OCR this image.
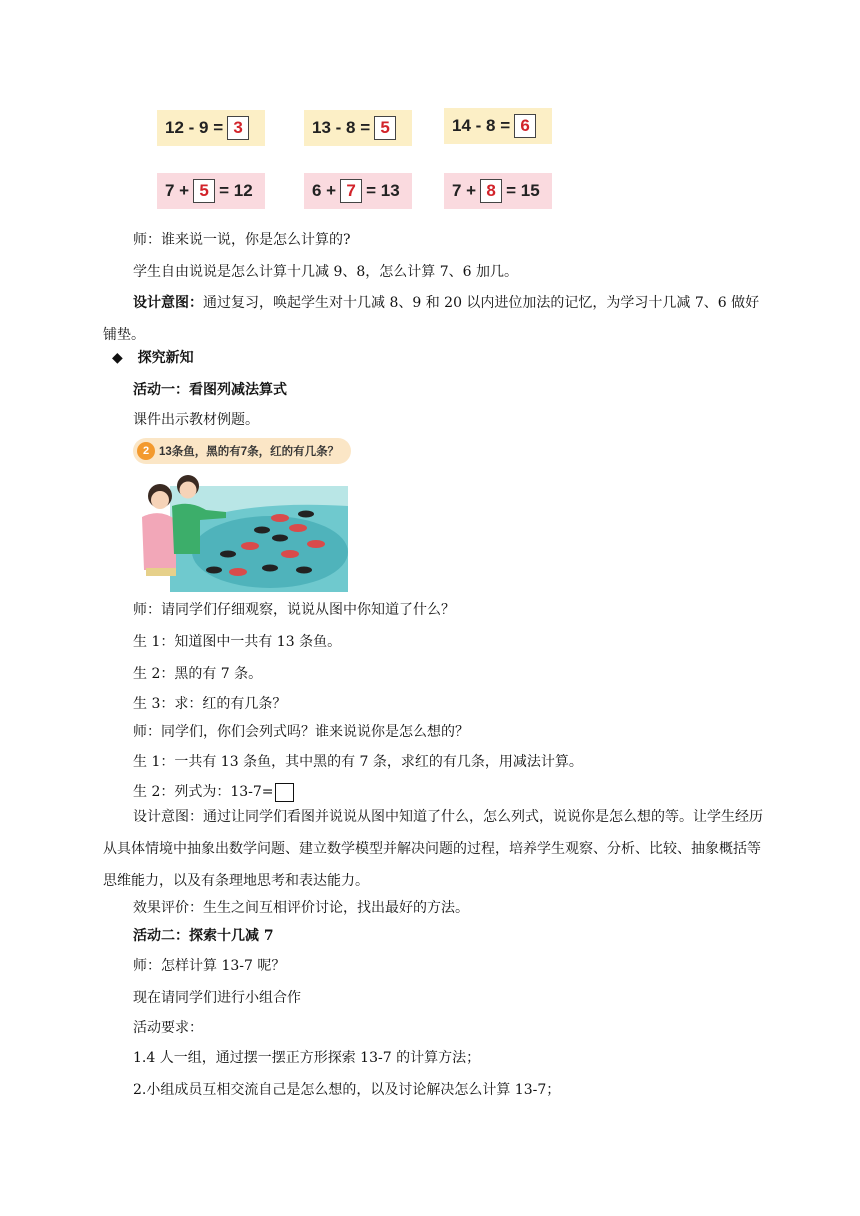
12 - 9 = 3	13 - 8 = 5	14 - 8 = 6
7 + 5 = 12	6 + 7 = 13	7 + 8 = 15
师：谁来说一说，你是怎么计算的?
学生自由说说是怎么计算十几减 9、8，怎么计算 7、6 加几。
设计意图：通过复习，唤起学生对十几减 8、9 和 20 以内进位加法的记忆，为学习十几减 7、6 做好铺垫。
◆ 探究新知
活动一：看图列减法算式
课件出示教材例题。
2 13条鱼，黑的有7条，红的有几条？
师：请同学们仔细观察，说说从图中你知道了什么？
生 1：知道图中一共有 13 条鱼。
生 2：黑的有 7 条。
生 3：求：红的有几条？
师：同学们，你们会列式吗？谁来说说你是怎么想的？
生 1：一共有 13 条鱼，其中黑的有 7 条，求红的有几条，用减法计算。
生 2：列式为：13-7=
设计意图：通过让同学们看图并说说从图中知道了什么，怎么列式，说说你是怎么想的等。让学生经历从具体情境中抽象出数学问题、建立数学模型并解决问题的过程，培养学生观察、分析、比较、抽象概括等思维能力，以及有条理地思考和表达能力。
效果评价：生生之间互相评价讨论，找出最好的方法。
活动二：探索十几减 7
师：怎样计算 13-7 呢？
现在请同学们进行小组合作
活动要求：
1.4 人一组，通过摆一摆正方形探索 13-7 的计算方法；
2.小组成员互相交流自己是怎么想的，以及讨论解决怎么计算 13-7；
